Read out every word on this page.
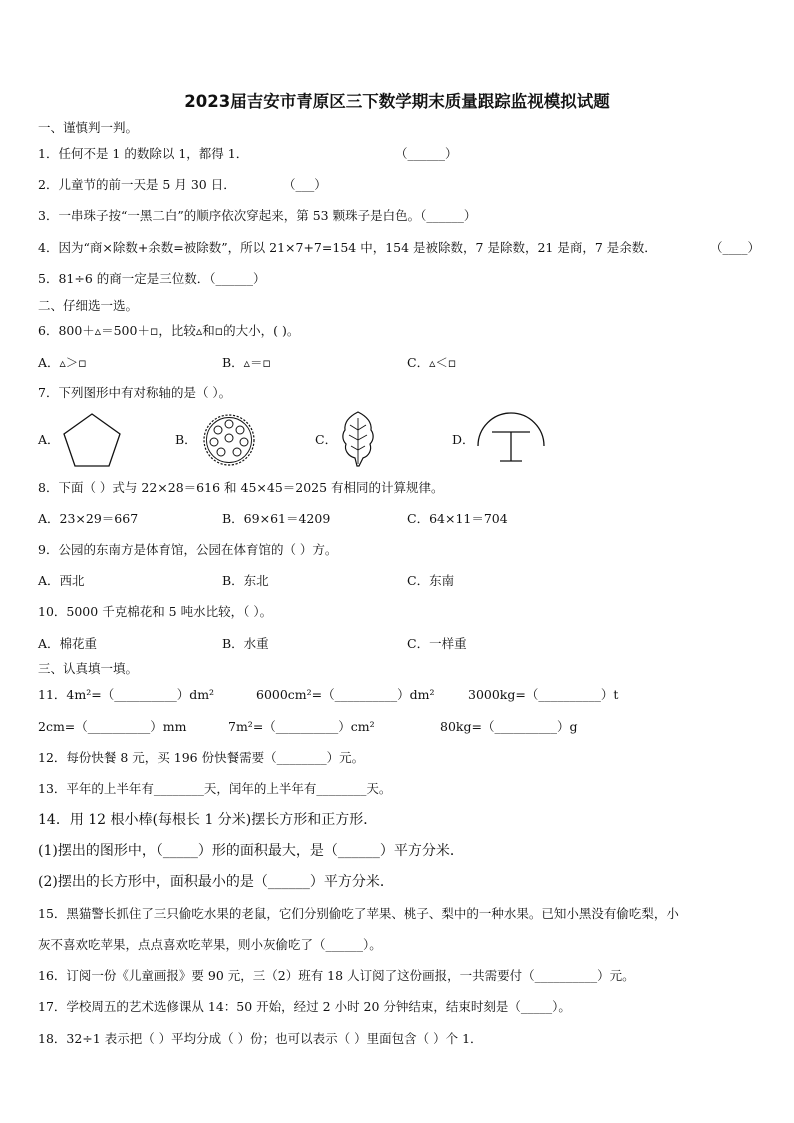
2023届吉安市青原区三下数学期末质量跟踪监视模拟试题
一、谨慎判一判。
1．任何不是 1 的数除以 1，都得 1．	（______）
2．儿童节的前一天是 5 月 30 日．	（___）
3．一串珠子按“一黑二白”的顺序依次穿起来，第 53 颗珠子是白色。（______）
4．因为“商×除数+余数=被除数”，所以 21×7+7=154 中，154 是被除数，7 是除数，21 是商，7 是余数．	（____）
5．81÷6 的商一定是三位数．（______）
二、仔细选一选。
6．800＋▵＝500＋▫，比较▵和▫的大小，( )。
A．▵＞▫	B．▵＝▫	C．▵＜▫
7．下列图形中有对称轴的是（ ）。
A．	B．	C．	D．
8．下面（ ）式与 22×28＝616 和 45×45＝2025 有相同的计算规律。
A．23×29＝667	B．69×61＝4209	C．64×11＝704
9．公园的东南方是体育馆，公园在体育馆的（ ）方。
A．西北	B．东北	C．东南
10．5000 千克棉花和 5 吨水比较，（ ）。
A．棉花重	B．水重	C．一样重
三、认真填一填。
11．4m²=（__________）dm²	6000cm²=（__________）dm²	3000kg=（__________）t
2cm=（__________）mm	7m²=（__________）cm²	80kg=（__________）g
12．每份快餐 8 元，买 196 份快餐需要（________）元。
13．平年的上半年有________天，闰年的上半年有________天。
14．用 12 根小棒(每根长 1 分米)摆长方形和正方形．
(1)摆出的图形中，（_____）形的面积最大，是（______）平方分米．
(2)摆出的长方形中，面积最小的是（______）平方分米．
15．黑猫警长抓住了三只偷吃水果的老鼠，它们分别偷吃了苹果、桃子、梨中的一种水果。已知小黑没有偷吃梨，小
灰不喜欢吃苹果，点点喜欢吃苹果，则小灰偷吃了（______）。
16．订阅一份《儿童画报》要 90 元，三（2）班有 18 人订阅了这份画报，一共需要付（__________）元。
17．学校周五的艺术选修课从 14：50 开始，经过 2 小时 20 分钟结束，结束时刻是（_____）。
18．32÷1 表示把（ ）平均分成（ ）份；也可以表示（ ）里面包含（ ）个 1．
